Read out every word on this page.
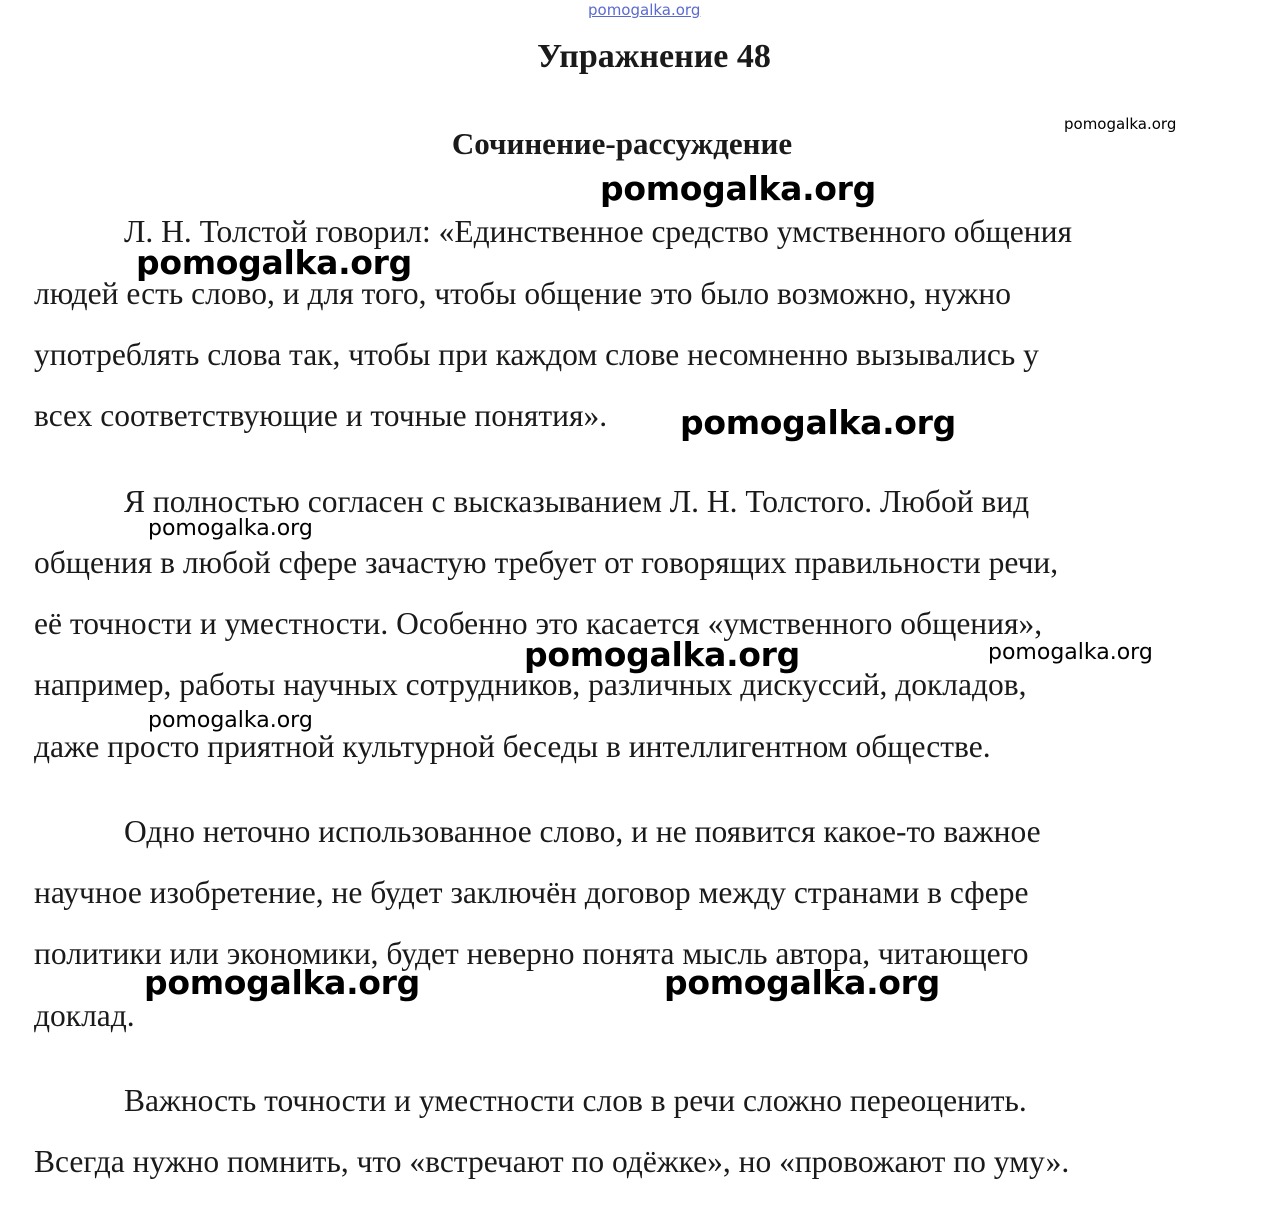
pomogalka.org
pomogalka.org
pomogalka.org
pomogalka.org
Упражнение 48
Сочинение-рассуждение

Л. Н. Толстой говорил: «Единственное средство умственного общения

людей есть слово, и для того, чтобы общение это было возможно, нужно

употреблять слова так, чтобы при каждом слове несомненно вызывались у

всех соответствующие и точные понятия». pomogalka.org

Я полностью согласен с высказыванием Л. Н. Толстого. Любой вид

pomogalka.org

общения в любой сфере зачастую требует от говорящих правильности речи,

её точности и уместности. Особенно это касается «умственного общения»,

pomogalka.org	pomogalka.org

например, работы научных сотрудников, различных дискуссий, докладов,

pomogalka.org

даже просто приятной культурной беседы в интеллигентном обществе.

Одно неточно использованное слово, и не появится какое-то важное

научное изобретение, не будет заключён договор между странами в сфере

политики или экономики, будет неверно понята мысль автора, читающего

pomogalka.org	pomogalka.org

доклад.

Важность точности и уместности слов в речи сложно переоценить.

Всегда нужно помнить, что «встречают по одёжке», но «провожают по уму».
